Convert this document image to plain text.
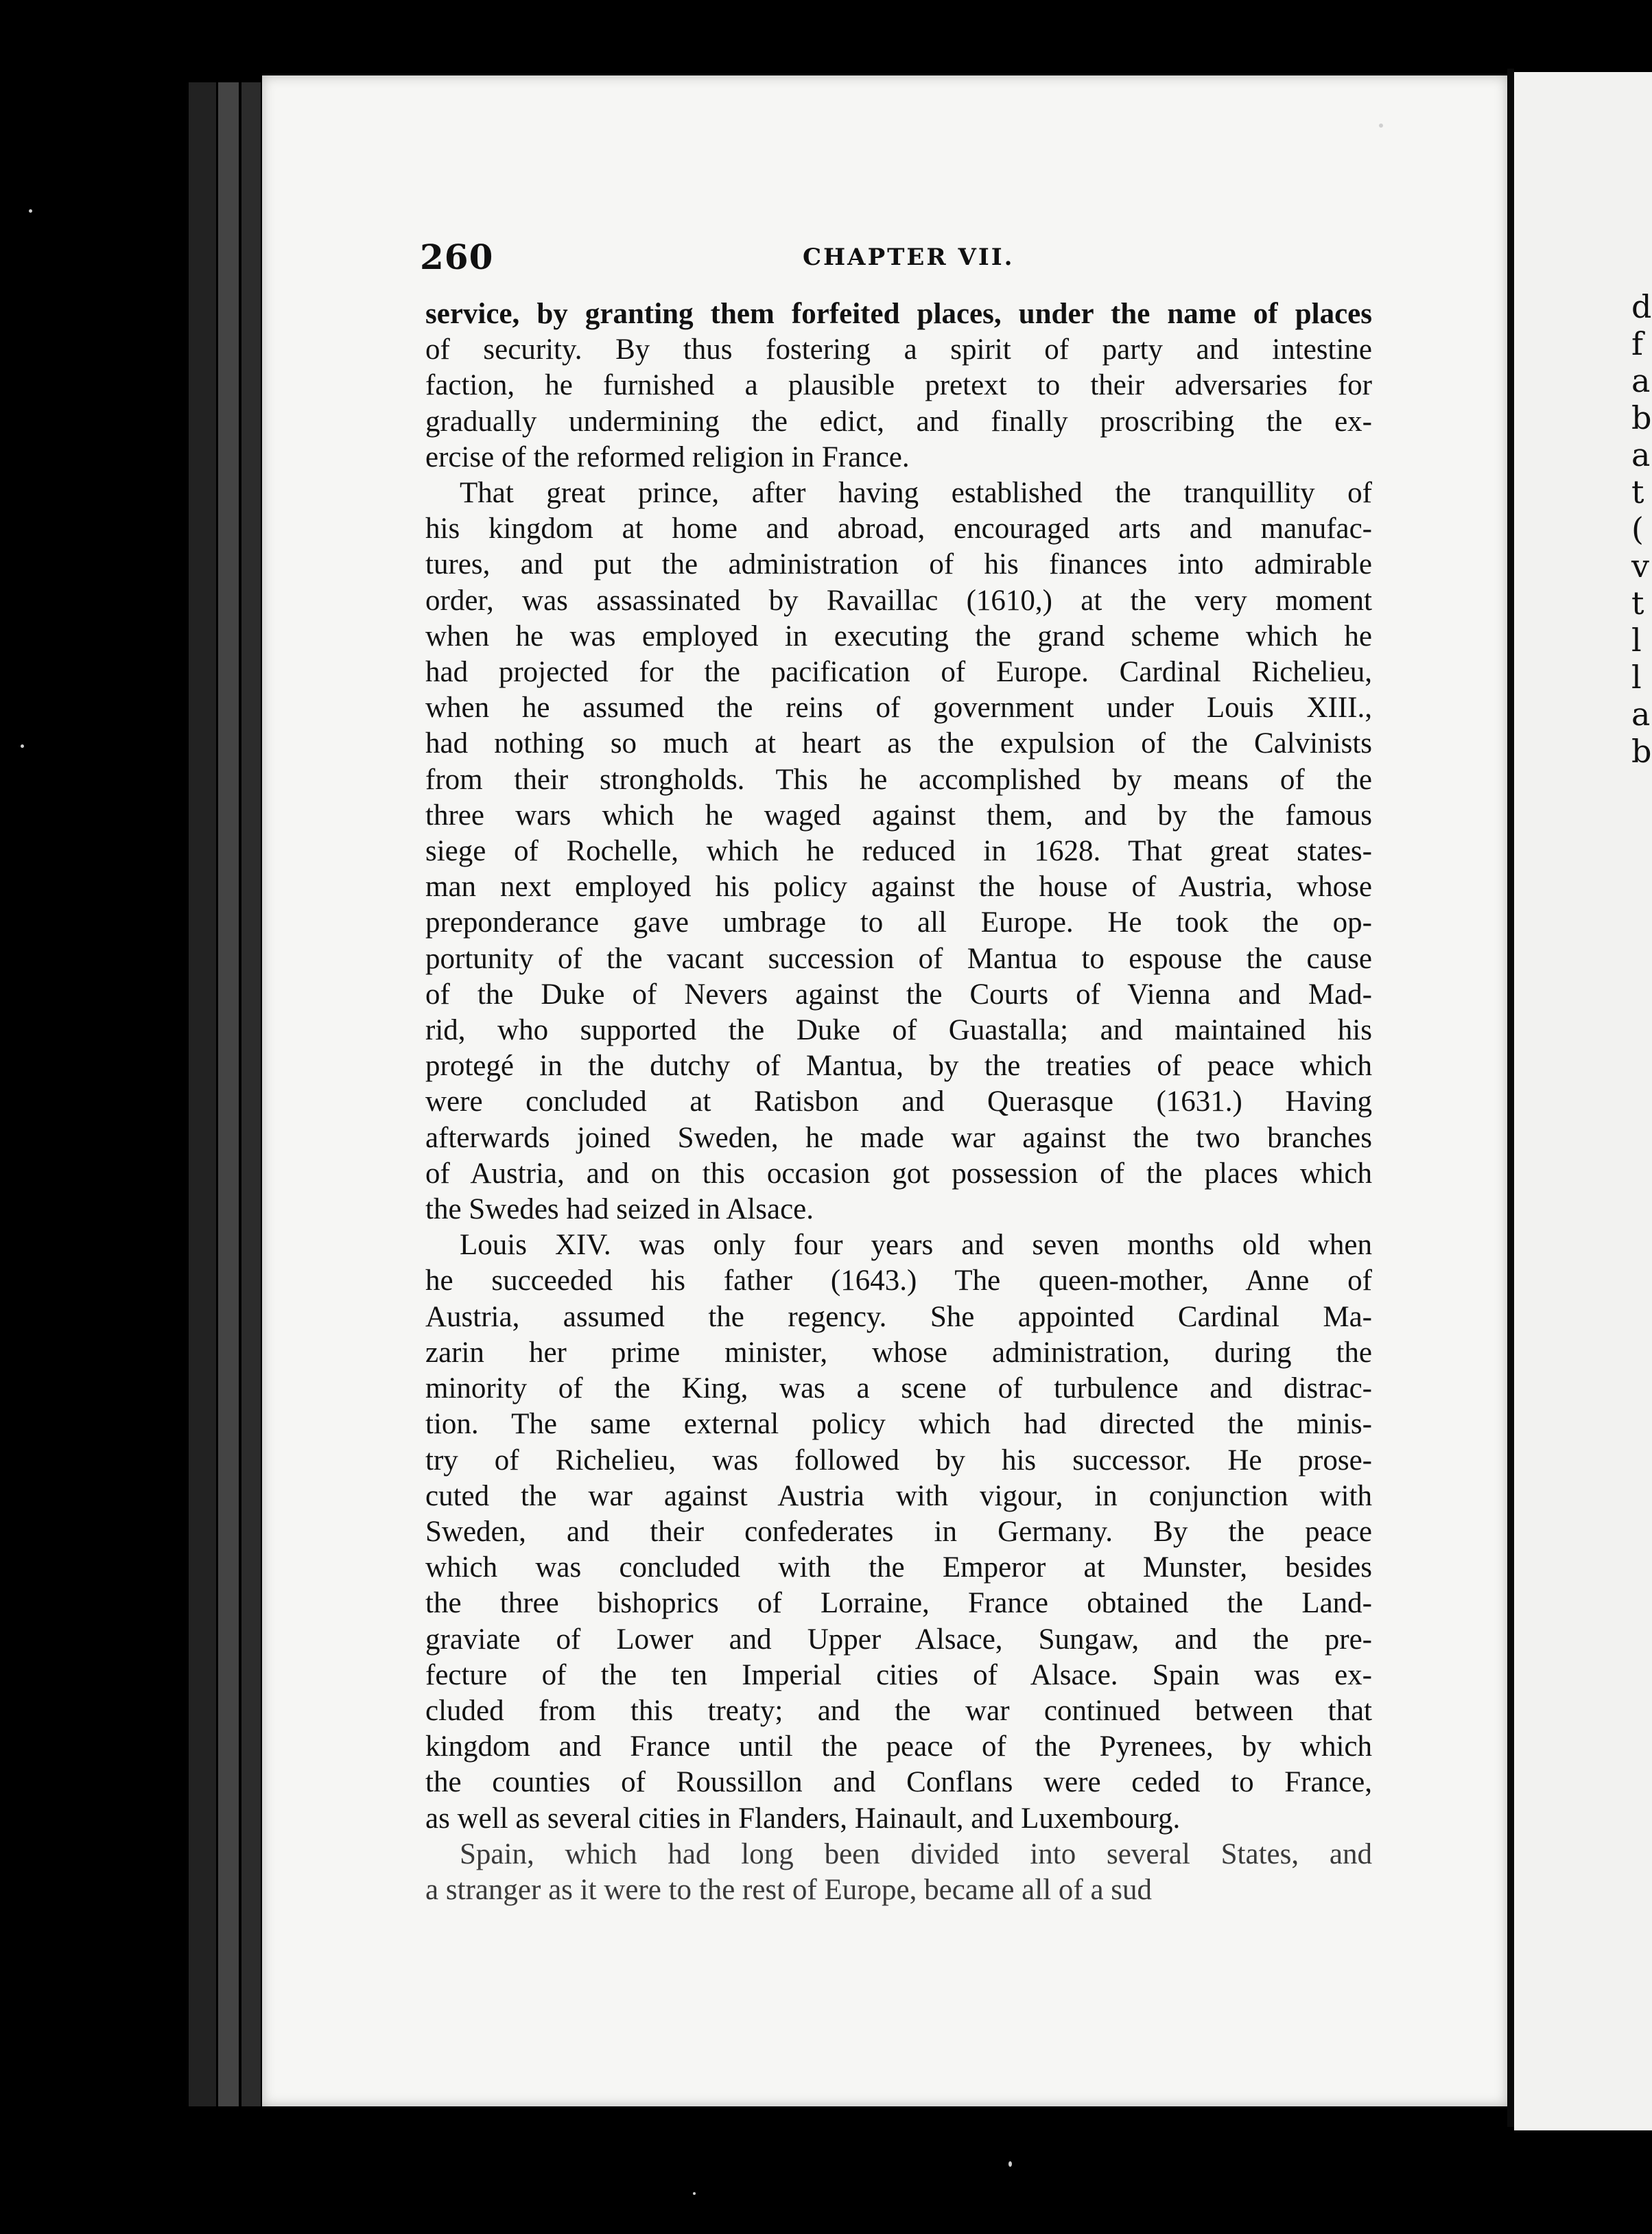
d
f
a
b
a
t
(
v
t
l
l
a
b
260	CHAPTER VII.
service, by granting them forfeited places, under the name of places
of security. By thus fostering a spirit of party and intestine
faction, he furnished a plausible pretext to their adversaries for
gradually undermining the edict, and finally proscribing the ex-
ercise of the reformed religion in France.
That great prince, after having established the tranquillity of
his kingdom at home and abroad, encouraged arts and manufac-
tures, and put the administration of his finances into admirable
order, was assassinated by Ravaillac (1610,) at the very moment
when he was employed in executing the grand scheme which he
had projected for the pacification of Europe. Cardinal Richelieu,
when he assumed the reins of government under Louis XIII.,
had nothing so much at heart as the expulsion of the Calvinists
from their strongholds. This he accomplished by means of the
three wars which he waged against them, and by the famous
siege of Rochelle, which he reduced in 1628. That great states-
man next employed his policy against the house of Austria, whose
preponderance gave umbrage to all Europe. He took the op-
portunity of the vacant succession of Mantua to espouse the cause
of the Duke of Nevers against the Courts of Vienna and Mad-
rid, who supported the Duke of Guastalla; and maintained his
protegé in the dutchy of Mantua, by the treaties of peace which
were concluded at Ratisbon and Querasque (1631.) Having
afterwards joined Sweden, he made war against the two branches
of Austria, and on this occasion got possession of the places which
the Swedes had seized in Alsace.
Louis XIV. was only four years and seven months old when
he succeeded his father (1643.) The queen-mother, Anne of
Austria, assumed the regency. She appointed Cardinal Ma-
zarin her prime minister, whose administration, during the
minority of the King, was a scene of turbulence and distrac-
tion. The same external policy which had directed the minis-
try of Richelieu, was followed by his successor. He prose-
cuted the war against Austria with vigour, in conjunction with
Sweden, and their confederates in Germany. By the peace
which was concluded with the Emperor at Munster, besides
the three bishoprics of Lorraine, France obtained the Land-
graviate of Lower and Upper Alsace, Sungaw, and the pre-
fecture of the ten Imperial cities of Alsace. Spain was ex-
cluded from this treaty; and the war continued between that
kingdom and France until the peace of the Pyrenees, by which
the counties of Roussillon and Conflans were ceded to France,
as well as several cities in Flanders, Hainault, and Luxembourg.
Spain, which had long been divided into several States, and
a stranger as it were to the rest of Europe, became all of a sud
